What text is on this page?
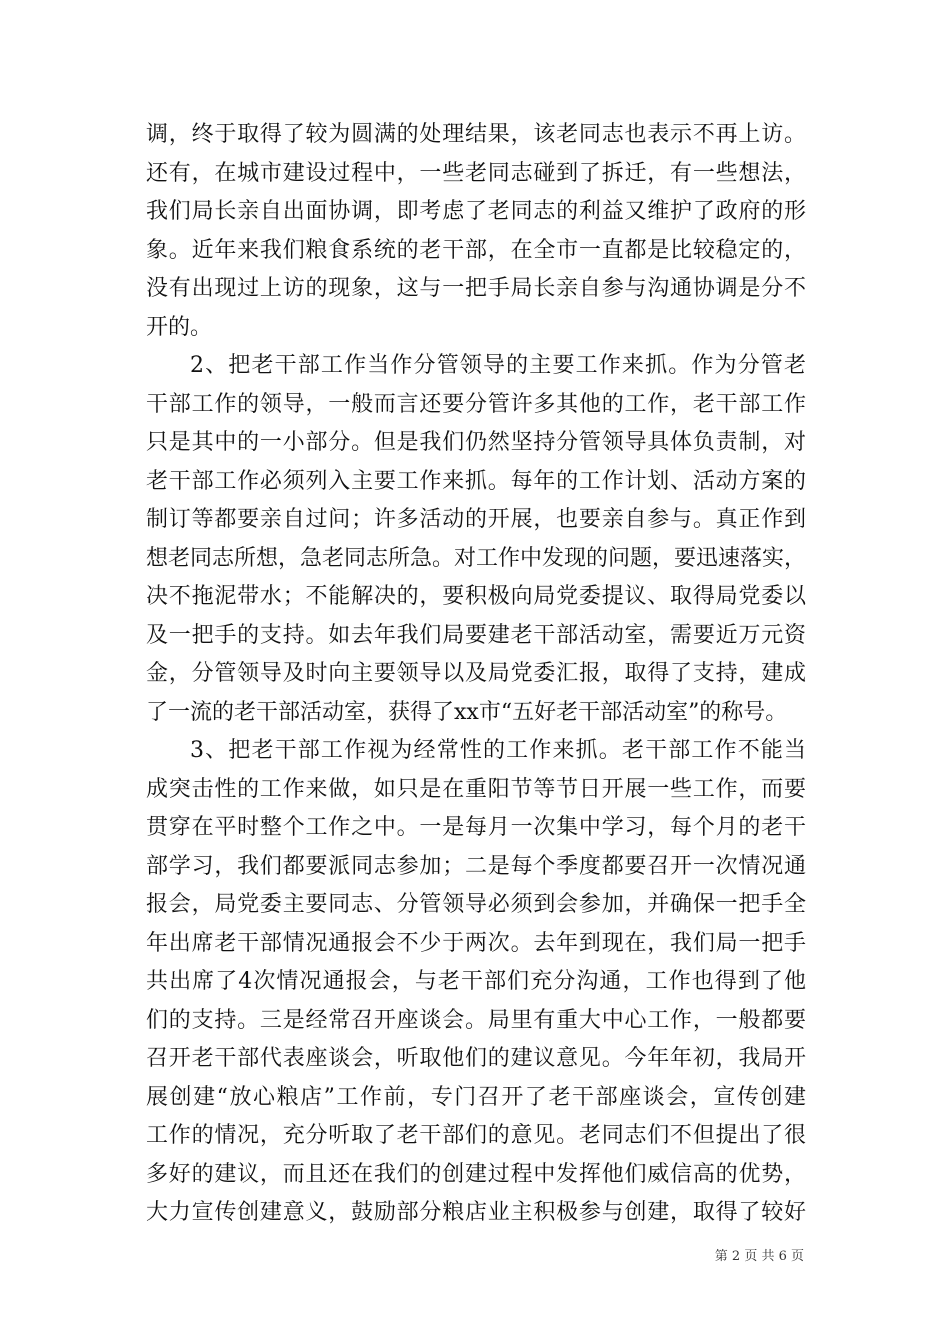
调，终于取得了较为圆满的处理结果，该老同志也表示不再上访。
还有，在城市建设过程中，一些老同志碰到了拆迁，有一些想法，
我们局长亲自出面协调，即考虑了老同志的利益又维护了政府的形
象。近年来我们粮食系统的老干部，在全市一直都是比较稳定的，
没有出现过上访的现象，这与一把手局长亲自参与沟通协调是分不
开的。
2、把老干部工作当作分管领导的主要工作来抓。作为分管老
干部工作的领导，一般而言还要分管许多其他的工作，老干部工作
只是其中的一小部分。但是我们仍然坚持分管领导具体负责制，对
老干部工作必须列入主要工作来抓。每年的工作计划、活动方案的
制订等都要亲自过问；许多活动的开展，也要亲自参与。真正作到
想老同志所想，急老同志所急。对工作中发现的问题，要迅速落实，
决不拖泥带水；不能解决的，要积极向局党委提议、取得局党委以
及一把手的支持。如去年我们局要建老干部活动室，需要近万元资
金，分管领导及时向主要领导以及局党委汇报，取得了支持，建成
了一流的老干部活动室，获得了xx市“五好老干部活动室”的称号。
3、把老干部工作视为经常性的工作来抓。老干部工作不能当
成突击性的工作来做，如只是在重阳节等节日开展一些工作，而要
贯穿在平时整个工作之中。一是每月一次集中学习，每个月的老干
部学习，我们都要派同志参加；二是每个季度都要召开一次情况通
报会，局党委主要同志、分管领导必须到会参加，并确保一把手全
年出席老干部情况通报会不少于两次。去年到现在，我们局一把手
共出席了4次情况通报会，与老干部们充分沟通，工作也得到了他
们的支持。三是经常召开座谈会。局里有重大中心工作，一般都要
召开老干部代表座谈会，听取他们的建议意见。今年年初，我局开
展创建“放心粮店”工作前，专门召开了老干部座谈会，宣传创建
工作的情况，充分听取了老干部们的意见。老同志们不但提出了很
多好的建议，而且还在我们的创建过程中发挥他们威信高的优势，
大力宣传创建意义，鼓励部分粮店业主积极参与创建，取得了较好
第 2 页 共 6 页
